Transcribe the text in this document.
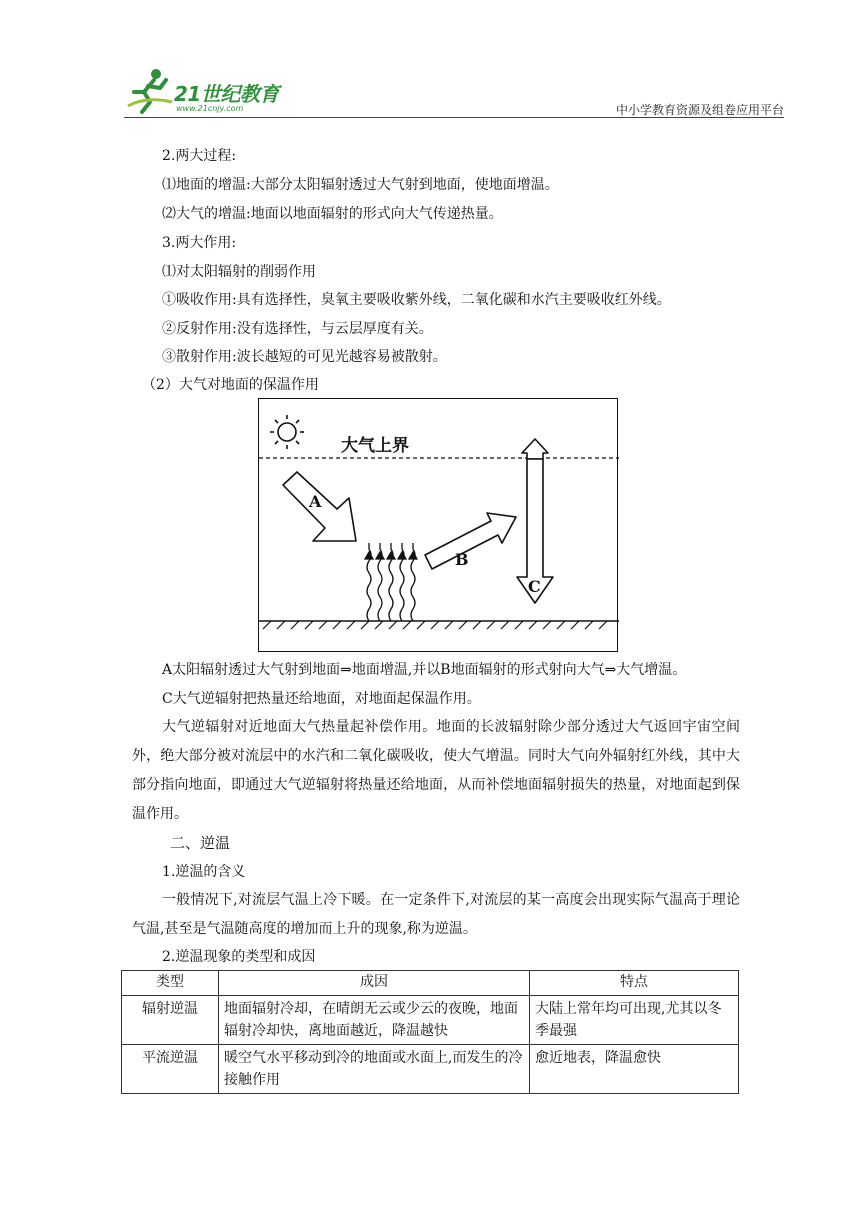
21世纪教育
www.21cnjy.com	中小学教育资源及组卷应用平台
2.两大过程:
⑴地面的增温:大部分太阳辐射透过大气射到地面，使地面增温。
⑵大气的增温:地面以地面辐射的形式向大气传递热量。
3.两大作用:
⑴对太阳辐射的削弱作用
①吸收作用:具有选择性，臭氧主要吸收紫外线，二氧化碳和水汽主要吸收红外线。
②反射作用:没有选择性，与云层厚度有关。
③散射作用:波长越短的可见光越容易被散射。
（2）大气对地面的保温作用
大气上界
A
B
C
A太阳辐射透过大气射到地面⇒地面增温,并以B地面辐射的形式射向大气⇒大气增温。
C大气逆辐射把热量还给地面，对地面起保温作用。
大气逆辐射对近地面大气热量起补偿作用。地面的长波辐射除少部分透过大气返回宇宙空间外，绝大部分被对流层中的水汽和二氧化碳吸收，使大气增温。同时大气向外辐射红外线，其中大部分指向地面，即通过大气逆辐射将热量还给地面，从而补偿地面辐射损失的热量，对地面起到保温作用。
二、逆温
1.逆温的含义
一般情况下,对流层气温上冷下暖。在一定条件下,对流层的某一高度会出现实际气温高于理论气温,甚至是气温随高度的增加而上升的现象,称为逆温。
2.逆温现象的类型和成因
类型	成因	特点
辐射逆温	地面辐射冷却，在晴朗无云或少云的夜晚，地面辐射冷却快，离地面越近，降温越快	大陆上常年均可出现,尤其以冬季最强
平流逆温	暖空气水平移动到冷的地面或水面上,而发生的冷接触作用	愈近地表，降温愈快
